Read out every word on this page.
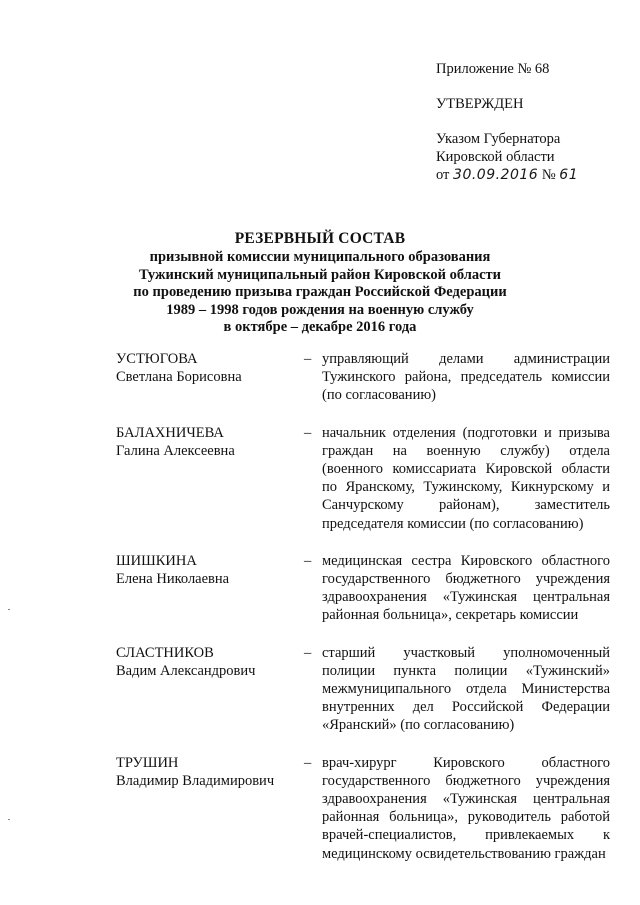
Приложение № 68
УТВЕРЖДЕН
Указом Губернатора
Кировской области
от 30.09.2016 № 61
РЕЗЕРВНЫЙ СОСТАВ
призывной комиссии муниципального образования
Тужинский муниципальный район Кировской области
по проведению призыва граждан Российской Федерации
1989 – 1998 годов рождения на военную службу
в октябре – декабре 2016 года
УСТЮГОВА
Светлана Борисовна
– управляющий делами администрации Тужинского района, председатель комиссии (по согласованию)
БАЛАХНИЧЕВА
Галина Алексеевна
– начальник отделения (подготовки и призыва граждан на военную службу) отдела (военного комиссариата Кировской области по Яранскому, Тужинскому, Кикнурскому и Санчурскому районам), заместитель председателя комиссии (по согласованию)
ШИШКИНА
Елена Николаевна
– медицинская сестра Кировского областного государственного бюджетного учреждения здравоохранения «Тужинская центральная районная больница», секретарь комиссии
СЛАСТНИКОВ
Вадим Александрович
– старший участковый уполномоченный полиции пункта полиции «Тужинский» межмуниципального отдела Министерства внутренних дел Российской Федерации «Яранский» (по согласованию)
ТРУШИН
Владимир Владимирович
– врач-хирург Кировского областного государственного бюджетного учреждения здравоохранения «Тужинская центральная районная больница», руководитель работой врачей-специалистов, привлекаемых к медицинскому освидетельствованию граждан
